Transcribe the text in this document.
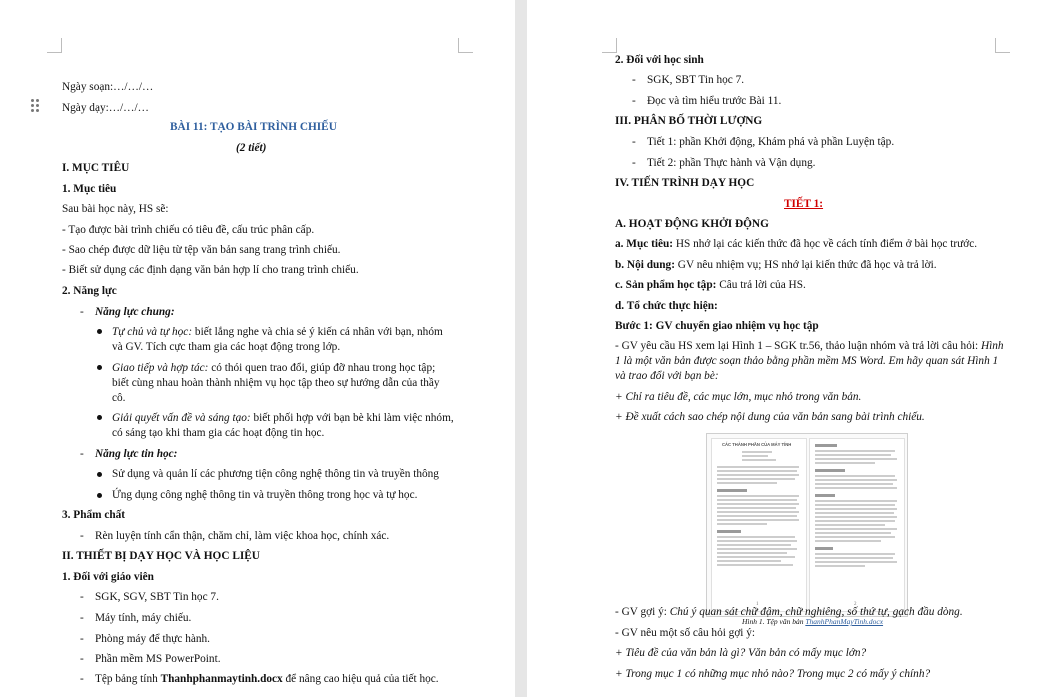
Ngày soạn:…/…/…
Ngày dạy:…/…/…
BÀI 11: TẠO BÀI TRÌNH CHIẾU
(2 tiết)
I. MỤC TIÊU
1. Mục tiêu
Sau bài học này, HS sẽ:
- Tạo được bài trình chiếu có tiêu đề, cấu trúc phân cấp.
- Sao chép được dữ liệu từ tệp văn bản sang trang trình chiếu.
- Biết sử dụng các định dạng văn bản hợp lí cho trang trình chiếu.
2. Năng lực
- Năng lực chung:
Tự chủ và tự học: biết lắng nghe và chia sẻ ý kiến cá nhân với bạn, nhóm
và GV. Tích cực tham gia các hoạt động trong lớp.
Giao tiếp và hợp tác: có thói quen trao đổi, giúp đỡ nhau trong học tập;
biết cùng nhau hoàn thành nhiệm vụ học tập theo sự hướng dẫn của thầy
cô.
Giải quyết vấn đề và sáng tạo: biết phối hợp với bạn bè khi làm việc nhóm,
có sáng tạo khi tham gia các hoạt động tin học.
- Năng lực tin học:
Sử dụng và quản lí các phương tiện công nghệ thông tin và truyền thông
Ứng dụng công nghệ thông tin và truyền thông trong học và tự học.
3. Phẩm chất
- Rèn luyện tính cẩn thận, chăm chỉ, làm việc khoa học, chính xác.
II. THIẾT BỊ DẠY HỌC VÀ HỌC LIỆU
1. Đối với giáo viên
- SGK, SGV, SBT Tin học 7.
- Máy tính, máy chiếu.
- Phòng máy để thực hành.
- Phần mềm MS PowerPoint.
- Tệp bảng tính Thanhphanmaytinh.docx để nâng cao hiệu quả của tiết học.
2. Đối với học sinh
- SGK, SBT Tin học 7.
- Đọc và tìm hiểu trước Bài 11.
III. PHÂN BỐ THỜI LƯỢNG
- Tiết 1: phần Khởi động, Khám phá và phần Luyện tập.
- Tiết 2: phần Thực hành và Vận dụng.
IV. TIẾN TRÌNH DẠY HỌC
TIẾT 1:
A. HOẠT ĐỘNG KHỞI ĐỘNG
a. Mục tiêu: HS nhớ lại các kiến thức đã học về cách tính điểm ở bài học trước.
b. Nội dung: GV nêu nhiệm vụ; HS nhớ lại kiến thức đã học và trả lời.
c. Sản phẩm học tập: Câu trả lời của HS.
d. Tổ chức thực hiện:
Bước 1: GV chuyển giao nhiệm vụ học tập
- GV yêu cầu HS xem lại Hình 1 – SGK tr.56, thảo luận nhóm và trả lời câu hỏi: Hình
1 là một văn bản được soạn thảo bằng phần mềm MS Word. Em hãy quan sát Hình 1
và trao đổi với bạn bè:
+ Chỉ ra tiêu đề, các mục lớn, mục nhỏ trong văn bản.
+ Đề xuất cách sao chép nội dung của văn bản sang bài trình chiếu.
CÁC THÀNH PHẦN CỦA MÁY TÍNH
1	2
Hình 1. Tệp văn bản ThanhPhanMayTinh.docx
- GV gợi ý: Chú ý quan sát chữ đậm, chữ nghiêng, số thứ tự, gạch đầu dòng.
- GV nêu một số câu hỏi gợi ý:
+ Tiêu đề của văn bản là gì? Văn bản có mấy mục lớn?
+ Trong mục 1 có những mục nhỏ nào? Trong mục 2 có mấy ý chính?
